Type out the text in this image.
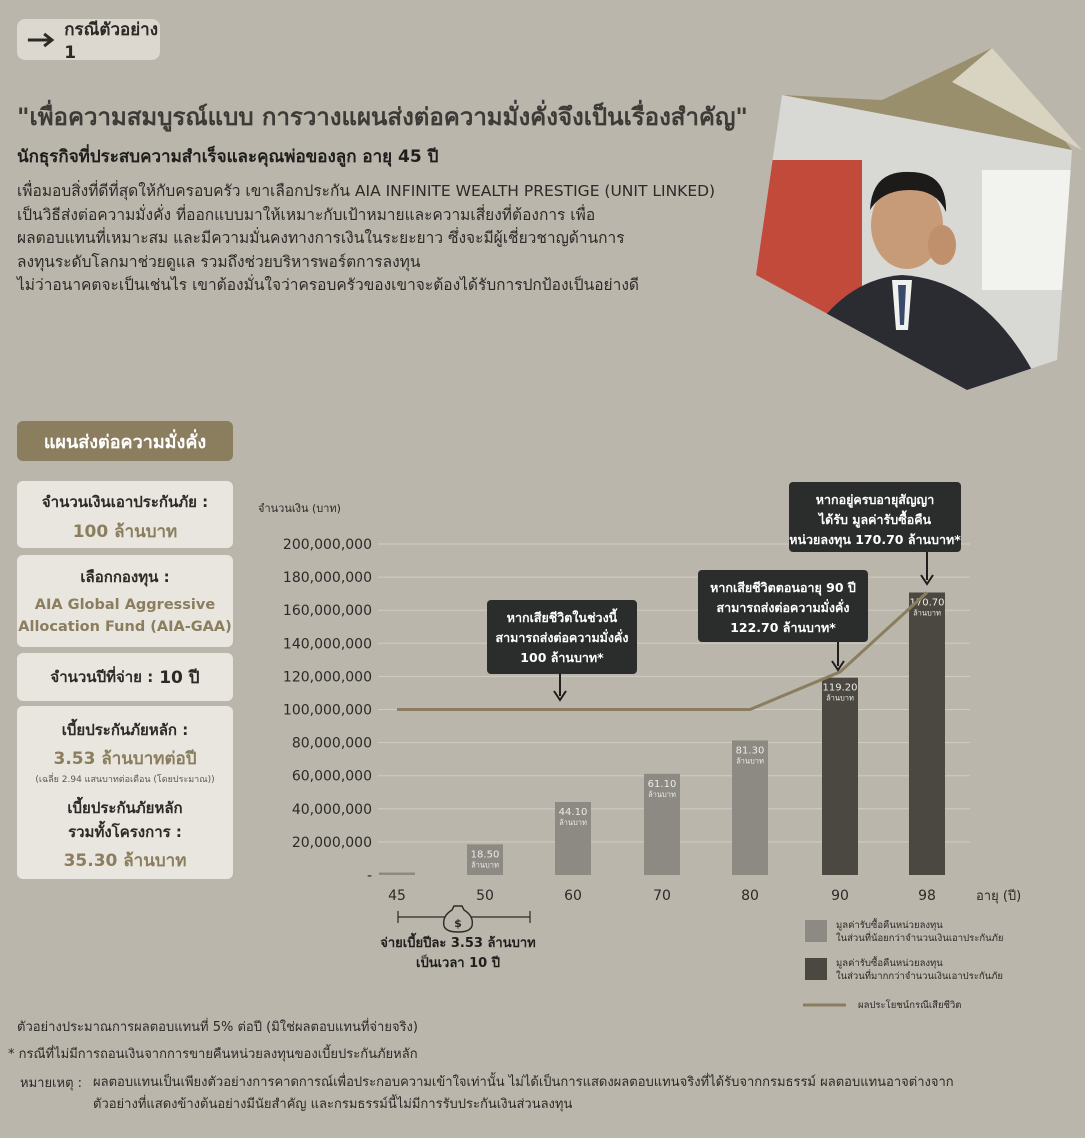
กรณีตัวอย่าง 1
"เพื่อความสมบูรณ์แบบ การวางแผนส่งต่อความมั่งคั่งจึงเป็นเรื่องสำคัญ"
นักธุรกิจที่ประสบความสำเร็จและคุณพ่อของลูก อายุ 45 ปี
เพื่อมอบสิ่งที่ดีที่สุดให้กับครอบครัว เขาเลือกประกัน AIA INFINITE WEALTH PRESTIGE (UNIT LINKED)
เป็นวิธีส่งต่อความมั่งคั่ง ที่ออกแบบมาให้เหมาะกับเป้าหมายและความเสี่ยงที่ต้องการ เพื่อ
ผลตอบแทนที่เหมาะสม และมีความมั่นคงทางการเงินในระยะยาว ซึ่งจะมีผู้เชี่ยวชาญด้านการ
ลงทุนระดับโลกมาช่วยดูแล รวมถึงช่วยบริหารพอร์ตการลงทุน
ไม่ว่าอนาคตจะเป็นเช่นไร เขาต้องมั่นใจว่าครอบครัวของเขาจะต้องได้รับการปกป้องเป็นอย่างดี
แผนส่งต่อความมั่งคั่ง
จำนวนเงินเอาประกันภัย :
100 ล้านบาท
เลือกกองทุน :
AIA Global Aggressive
Allocation Fund (AIA-GAA)
จำนวนปีที่จ่าย : 10 ปี
เบี้ยประกันภัยหลัก :
3.53 ล้านบาทต่อปี
(เฉลี่ย 2.94 แสนบาทต่อเดือน (โดยประมาณ))
เบี้ยประกันภัยหลัก
รวมทั้งโครงการ :
35.30 ล้านบาท
จำนวนเงิน (บาท)
200,000,000
180,000,000
160,000,000
140,000,000
120,000,000
100,000,000
80,000,000
60,000,000
40,000,000
20,000,000
-
18.50
ล้านบาท
44.10
ล้านบาท
61.10
ล้านบาท
81.30
ล้านบาท
119.20
ล้านบาท
170.70
ล้านบาท
45	50	60	70	80	90	98	อายุ (ปี)
หากเสียชีวิตในช่วงนี้
สามารถส่งต่อความมั่งคั่ง
100 ล้านบาท*
หากเสียชีวิตตอนอายุ 90 ปี
สามารถส่งต่อความมั่งคั่ง
122.70 ล้านบาท*
หากอยู่ครบอายุสัญญา
ได้รับ มูลค่ารับซื้อคืน
หน่วยลงทุน 170.70 ล้านบาท*
$
จ่ายเบี้ยปีละ 3.53 ล้านบาท
เป็นเวลา 10 ปี
มูลค่ารับซื้อคืนหน่วยลงทุน
ในส่วนที่น้อยกว่าจำนวนเงินเอาประกันภัย
มูลค่ารับซื้อคืนหน่วยลงทุน
ในส่วนที่มากกว่าจำนวนเงินเอาประกันภัย
ผลประโยชน์กรณีเสียชีวิต
ตัวอย่างประมาณการผลตอบแทนที่ 5% ต่อปี (มิใช่ผลตอบแทนที่จ่ายจริง)
* กรณีที่ไม่มีการถอนเงินจากการขายคืนหน่วยลงทุนของเบี้ยประกันภัยหลัก
หมายเหตุ : ผลตอบแทนเป็นเพียงตัวอย่างการคาดการณ์เพื่อประกอบความเข้าใจเท่านั้น ไม่ได้เป็นการแสดงผลตอบแทนจริงที่ได้รับจากกรมธรรม์ ผลตอบแทนอาจต่างจาก
ตัวอย่างที่แสดงข้างต้นอย่างมีนัยสำคัญ และกรมธรรม์นี้ไม่มีการรับประกันเงินส่วนลงทุน
